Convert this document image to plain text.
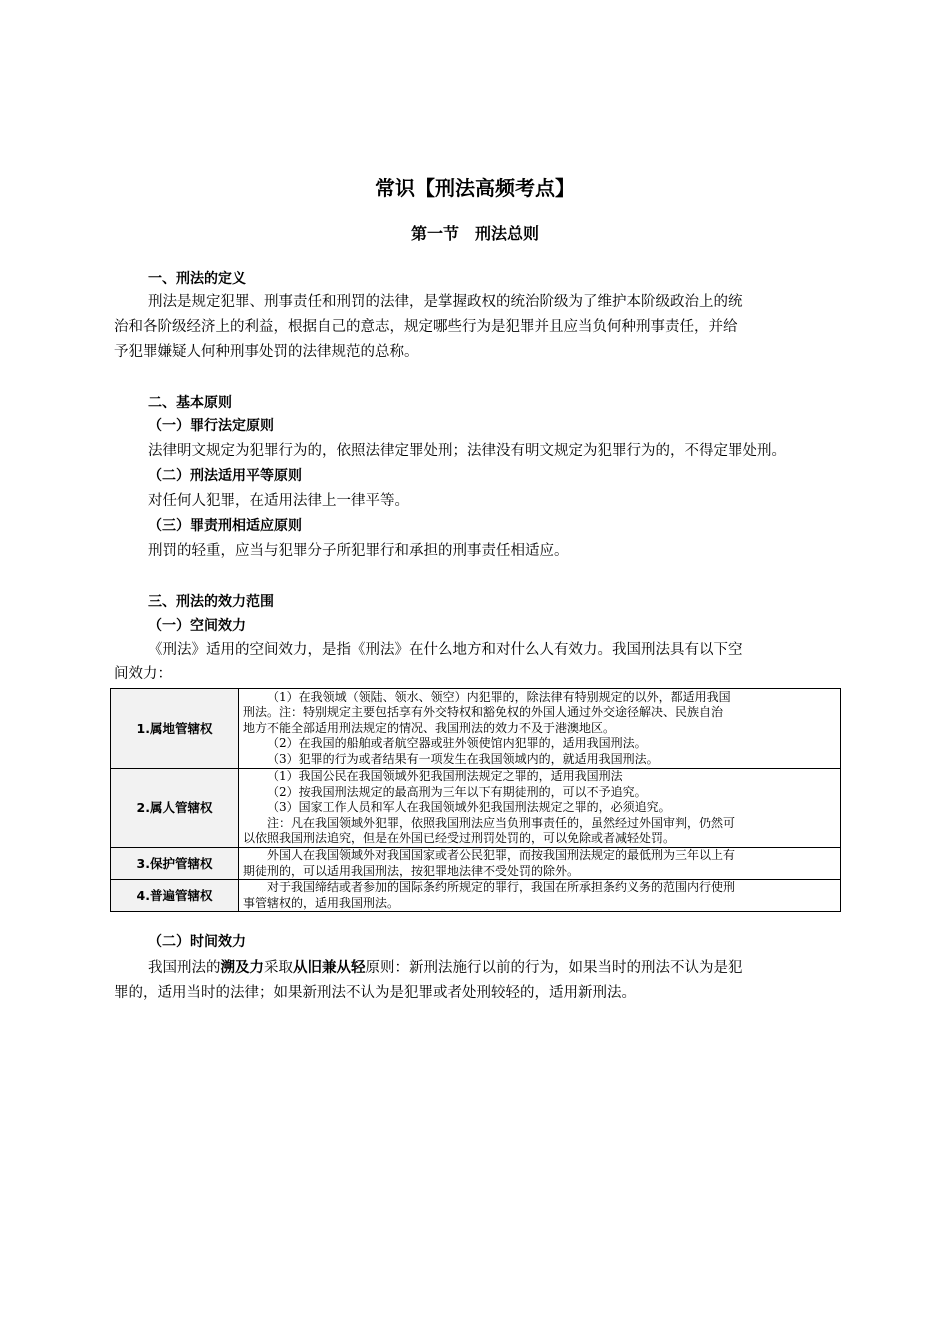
常识【刑法高频考点】
第一节　刑法总则
一、刑法的定义
刑法是规定犯罪、刑事责任和刑罚的法律，是掌握政权的统治阶级为了维护本阶级政治上的统
治和各阶级经济上的利益，根据自己的意志，规定哪些行为是犯罪并且应当负何种刑事责任，并给
予犯罪嫌疑人何种刑事处罚的法律规范的总称。
二、基本原则
（一）罪行法定原则
法律明文规定为犯罪行为的，依照法律定罪处刑；法律没有明文规定为犯罪行为的，不得定罪处刑。
（二）刑法适用平等原则
对任何人犯罪，在适用法律上一律平等。
（三）罪责刑相适应原则
刑罚的轻重，应当与犯罪分子所犯罪行和承担的刑事责任相适应。
三、刑法的效力范围
（一）空间效力
《刑法》适用的空间效力，是指《刑法》在什么地方和对什么人有效力。我国刑法具有以下空
间效力：
1.属地管辖权	（1）在我领域（领陆、领水、领空）内犯罪的，除法律有特别规定的以外，都适用我国
刑法。注：特别规定主要包括享有外交特权和豁免权的外国人通过外交途径解决、民族自治
地方不能全部适用刑法规定的情况、我国刑法的效力不及于港澳地区。
（2）在我国的船舶或者航空器或驻外领使馆内犯罪的，适用我国刑法。
（3）犯罪的行为或者结果有一项发生在我国领域内的，就适用我国刑法。

2.属人管辖权	（1）我国公民在我国领域外犯我国刑法规定之罪的，适用我国刑法
（2）按我国刑法规定的最高刑为三年以下有期徒刑的，可以不予追究。
（3）国家工作人员和军人在我国领域外犯我国刑法规定之罪的，必须追究。
注：凡在我国领域外犯罪，依照我国刑法应当负刑事责任的，虽然经过外国审判，仍然可
以依照我国刑法追究，但是在外国已经受过刑罚处罚的，可以免除或者减轻处罚。

3.保护管辖权	外国人在我国领域外对我国国家或者公民犯罪，而按我国刑法规定的最低刑为三年以上有
期徒刑的，可以适用我国刑法，按犯罪地法律不受处罚的除外。

4.普遍管辖权	对于我国缔结或者参加的国际条约所规定的罪行，我国在所承担条约义务的范围内行使刑
事管辖权的，适用我国刑法。
（二）时间效力
我国刑法的溯及力采取从旧兼从轻原则：新刑法施行以前的行为，如果当时的刑法不认为是犯
罪的，适用当时的法律；如果新刑法不认为是犯罪或者处刑较轻的，适用新刑法。
